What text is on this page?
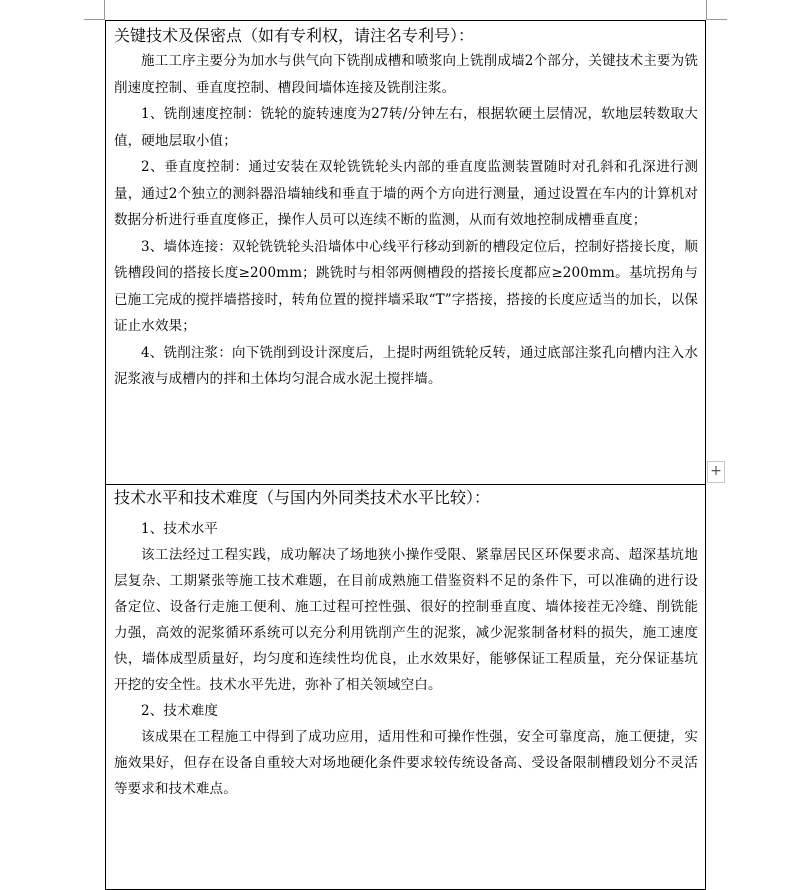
关键技术及保密点（如有专利权，请注名专利号）：

施工工序主要分为加水与供气向下铣削成槽和喷浆向上铣削成墙2个部分，关键技术主要为铣削速度控制、垂直度控制、槽段间墙体连接及铣削注浆。

1、铣削速度控制：铣轮的旋转速度为27转/分钟左右，根据软硬土层情况，软地层转数取大值，硬地层取小值；

2、垂直度控制：通过安装在双轮铣铣轮头内部的垂直度监测装置随时对孔斜和孔深进行测量，通过2个独立的测斜器沿墙轴线和垂直于墙的两个方向进行测量，通过设置在车内的计算机对数据分析进行垂直度修正，操作人员可以连续不断的监测，从而有效地控制成槽垂直度；

3、墙体连接：双轮铣铣轮头沿墙体中心线平行移动到新的槽段定位后，控制好搭接长度，顺铣槽段间的搭接长度≥200mm；跳铣时与相邻两侧槽段的搭接长度都应≥200mm。基坑拐角与已施工完成的搅拌墙搭接时，转角位置的搅拌墙采取“T”字搭接，搭接的长度应适当的加长，以保证止水效果；

4、铣削注浆：向下铣削到设计深度后，上提时两组铣轮反转，通过底部注浆孔向槽内注入水泥浆液与成槽内的拌和土体均匀混合成水泥土搅拌墙。

技术水平和技术难度（与国内外同类技术水平比较）：

1、技术水平

该工法经过工程实践，成功解决了场地狭小操作受限、紧靠居民区环保要求高、超深基坑地层复杂、工期紧张等施工技术难题，在目前成熟施工借鉴资料不足的条件下，可以准确的进行设备定位、设备行走施工便利、施工过程可控性强、很好的控制垂直度、墙体接茬无冷缝、削铣能力强，高效的泥浆循环系统可以充分利用铣削产生的泥浆，减少泥浆制备材料的损失，施工速度快，墙体成型质量好，均匀度和连续性均优良，止水效果好，能够保证工程质量，充分保证基坑开挖的安全性。技术水平先进，弥补了相关领域空白。

2、技术难度

该成果在工程施工中得到了成功应用，适用性和可操作性强，安全可靠度高，施工便捷，实施效果好，但存在设备自重较大对场地硬化条件要求较传统设备高、受设备限制槽段划分不灵活等要求和技术难点。

+
